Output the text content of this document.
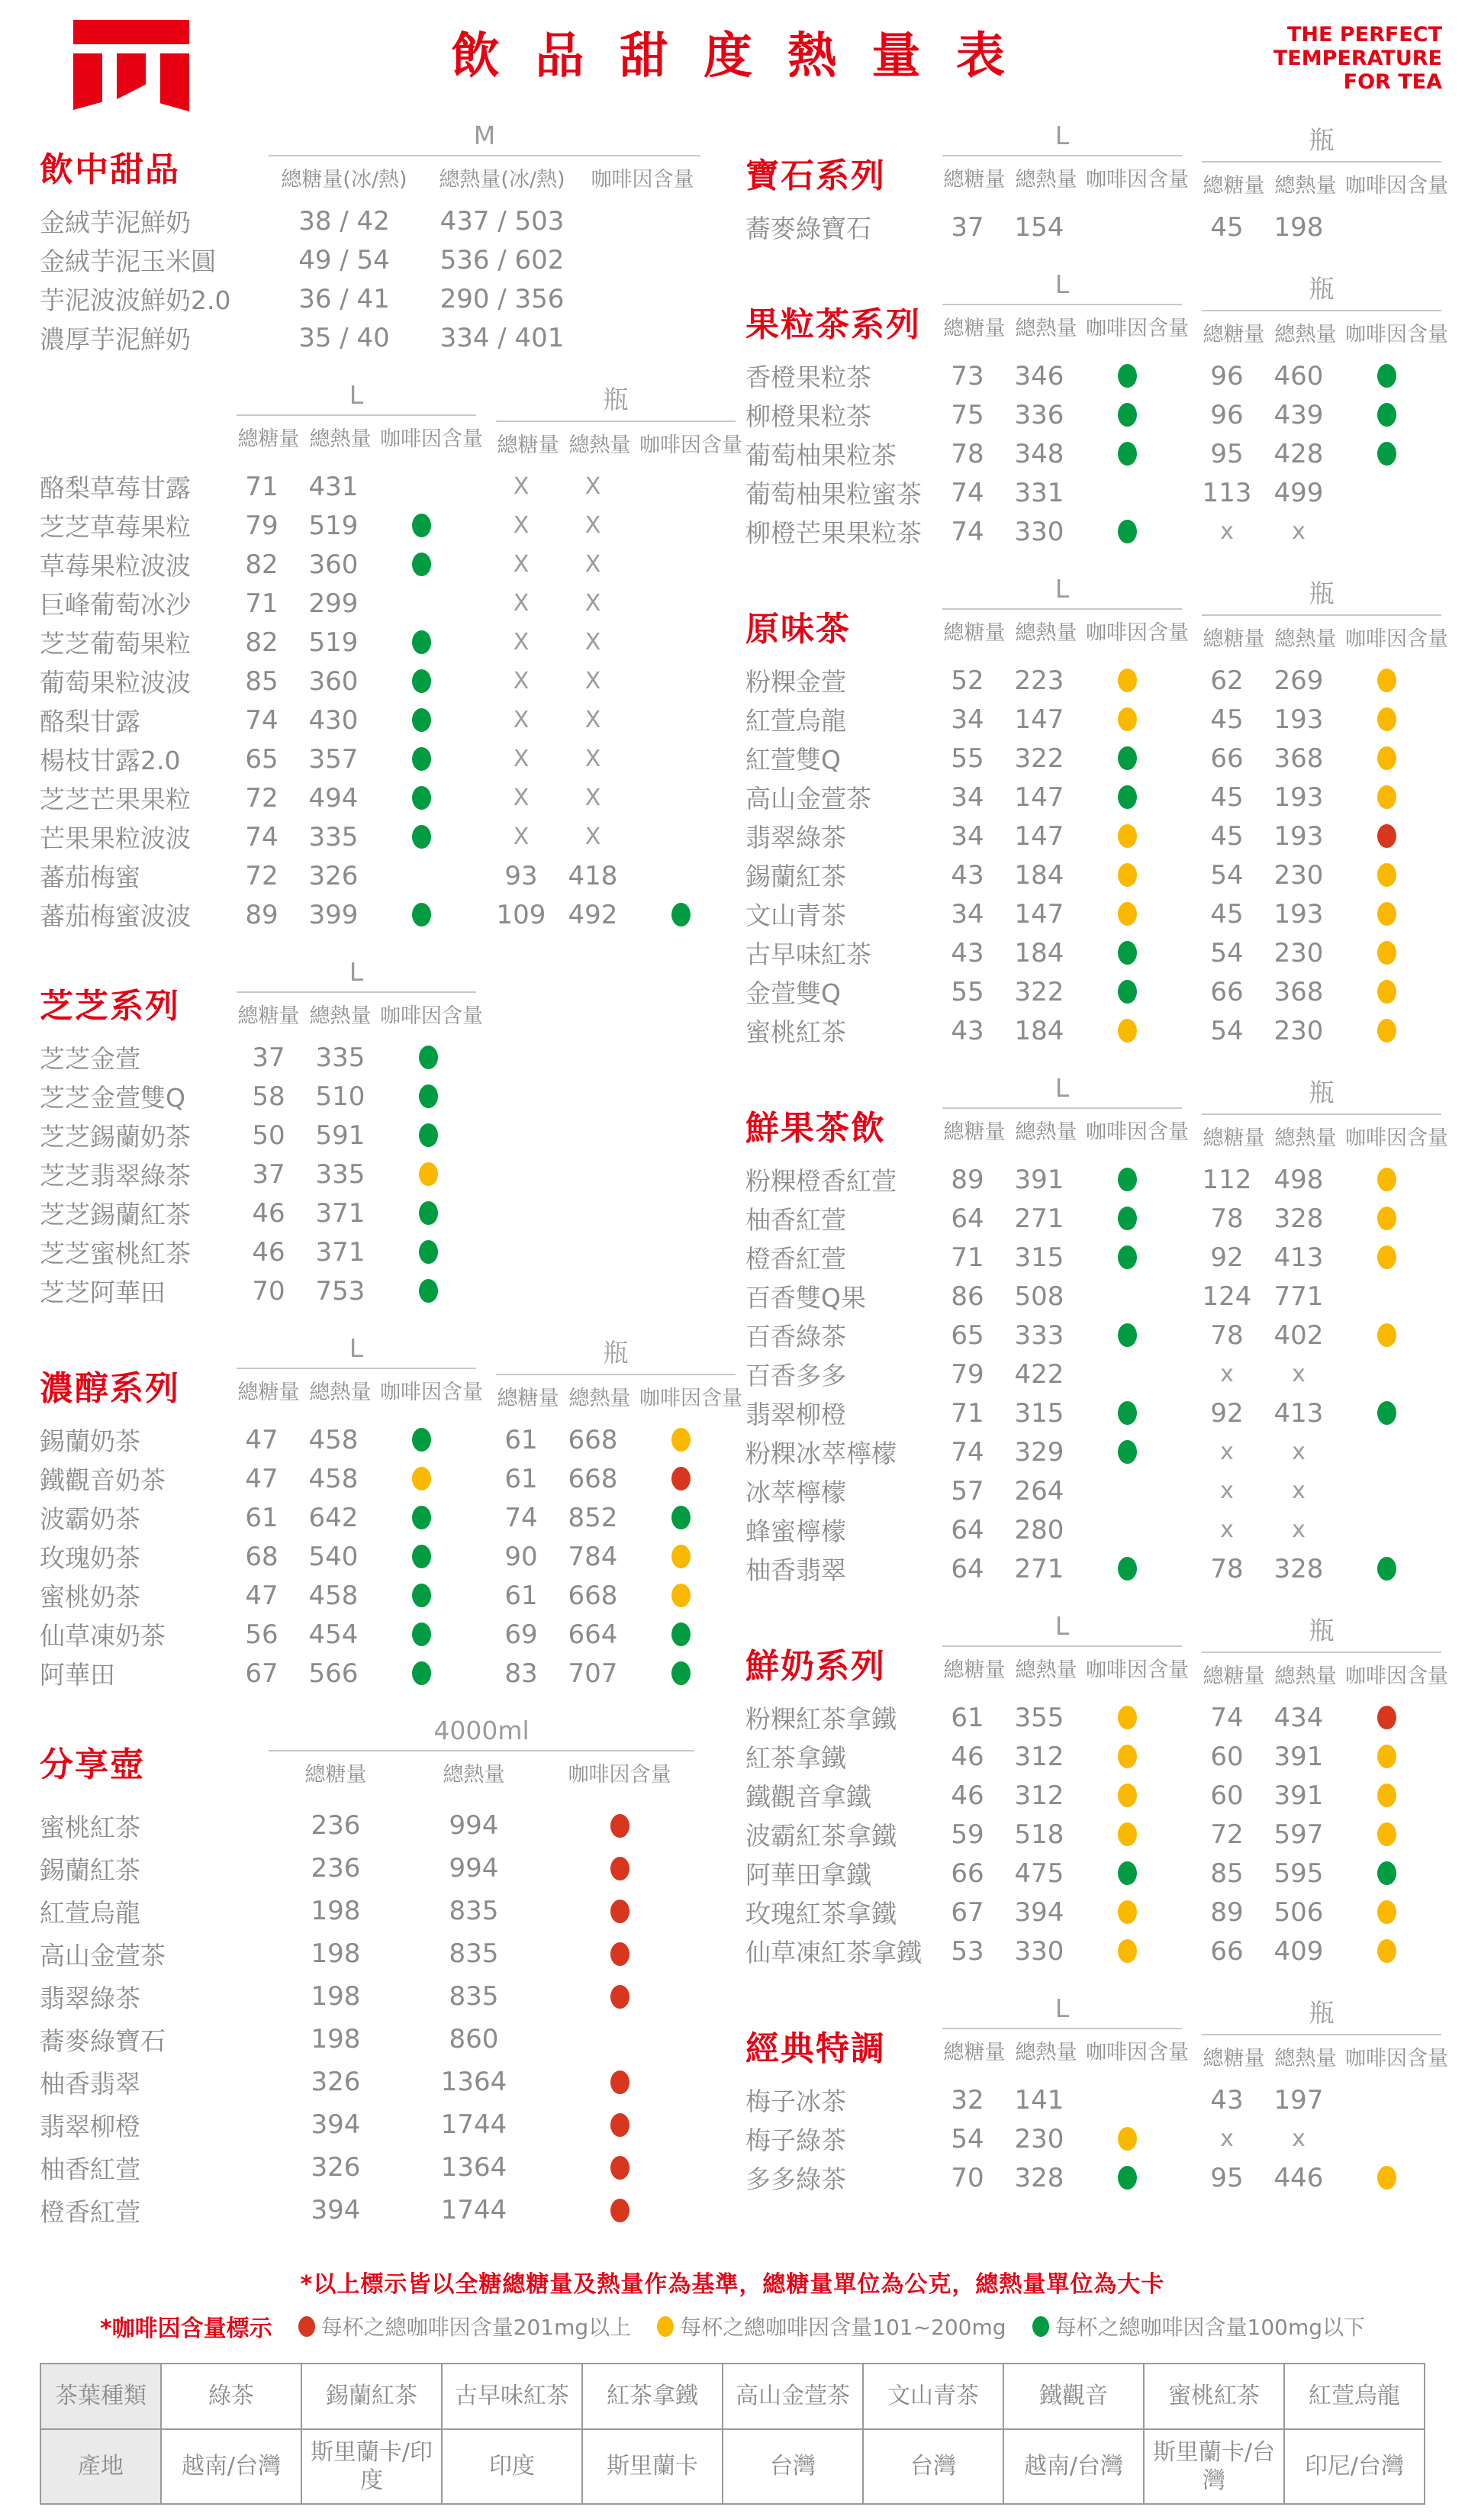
飲 品 甜 度 熱 量 表	THE PERFECT
TEMPERATURE
FOR TEA
飲中甜品
M
總糖量(冰/熱)	總熱量(冰/熱)	咖啡因含量
金絨芋泥鮮奶	38 / 42	437 / 503
金絨芋泥玉米圓	49 / 54	536 / 602
芋泥波波鮮奶2.0	36 / 41	290 / 356
濃厚芋泥鮮奶	35 / 40	334 / 401
L
總糖量 總熱量 咖啡因含量
瓶
總糖量 總熱量 咖啡因含量
酪梨草莓甘露	71	431	X	X
芝芝草莓果粒	79	519	X	X
草莓果粒波波	82	360	X	X
巨峰葡萄冰沙	71	299	X	X
芝芝葡萄果粒	82	519	X	X
葡萄果粒波波	85	360	X	X
酪梨甘露	74	430	X	X
楊枝甘露2.0	65	357	X	X
芝芝芒果果粒	72	494	X	X
芒果果粒波波	74	335	X	X
蕃茄梅蜜	72	326	93	418
蕃茄梅蜜波波	89	399	109 492
芝芝系列
L
總糖量 總熱量 咖啡因含量
芝芝金萱	37	335
芝芝金萱雙Q	58	510
芝芝錫蘭奶茶	50	591
芝芝翡翠綠茶	37	335
芝芝錫蘭紅茶	46	371
芝芝蜜桃紅茶	46	371
芝芝阿華田	70	753
濃醇系列
L
總糖量 總熱量 咖啡因含量
瓶
總糖量 總熱量 咖啡因含量
錫蘭奶茶	47	458	61	668
鐵觀音奶茶	47	458	61	668
波霸奶茶	61	642	74	852
玫瑰奶茶	68	540	90	784
蜜桃奶茶	47	458	61	668
仙草凍奶茶	56	454	69	664
阿華田	67	566	83	707
分享壺
4000ml
總糖量	總熱量	咖啡因含量
蜜桃紅茶	236	994
錫蘭紅茶	236	994
紅萱烏龍	198	835
高山金萱茶	198	835
翡翠綠茶	198	835
蕎麥綠寶石	198	860
柚香翡翠	326	1364
翡翠柳橙	394	1744
柚香紅萱	326	1364
橙香紅萱	394	1744
寶石系列
L
總糖量 總熱量 咖啡因含量
瓶
總糖量 總熱量 咖啡因含量
蕎麥綠寶石	37	154	45	198
果粒茶系列
L
總糖量 總熱量 咖啡因含量
瓶
總糖量 總熱量 咖啡因含量
香橙果粒茶	73	346	96	460
柳橙果粒茶	75	336	96	439
葡萄柚果粒茶	78	348	95	428
葡萄柚果粒蜜茶	74	331	113 499
柳橙芒果果粒茶	74	330	x	x
原味茶
L
總糖量 總熱量 咖啡因含量
瓶
總糖量 總熱量 咖啡因含量
粉粿金萱	52	223	62	269
紅萱烏龍	34	147	45	193
紅萱雙Q	55	322	66	368
高山金萱茶	34	147	45	193
翡翠綠茶	34	147	45	193
錫蘭紅茶	43	184	54	230
文山青茶	34	147	45	193
古早味紅茶	43	184	54	230
金萱雙Q	55	322	66	368
蜜桃紅茶	43	184	54	230
鮮果茶飲
L
總糖量 總熱量 咖啡因含量
瓶
總糖量 總熱量 咖啡因含量
粉粿橙香紅萱	89	391	112 498
柚香紅萱	64	271	78	328
橙香紅萱	71	315	92	413
百香雙Q果	86	508	124 771
百香綠茶	65	333	78	402
百香多多	79	422	x	x
翡翠柳橙	71	315	92	413
粉粿冰萃檸檬	74	329	x	x
冰萃檸檬	57	264	x	x
蜂蜜檸檬	64	280	x	x
柚香翡翠	64	271	78	328
鮮奶系列
L
總糖量 總熱量 咖啡因含量
瓶
總糖量 總熱量 咖啡因含量
粉粿紅茶拿鐵	61	355	74	434
紅茶拿鐵	46	312	60	391
鐵觀音拿鐵	46	312	60	391
波霸紅茶拿鐵	59	518	72	597
阿華田拿鐵	66	475	85	595
玫瑰紅茶拿鐵	67	394	89	506
仙草凍紅茶拿鐵	53	330	66	409
經典特調
L
總糖量 總熱量 咖啡因含量
瓶
總糖量 總熱量 咖啡因含量
梅子冰茶	32	141	43	197
梅子綠茶	54	230	x	x
多多綠茶	70	328	95	446
*以上標示皆以全糖總糖量及熱量作為基準，總糖量單位為公克，總熱量單位為大卡
*咖啡因含量標示 每杯之總咖啡因含量201mg以上 每杯之總咖啡因含量101~200mg 每杯之總咖啡因含量100mg以下
茶葉種類	綠茶	錫蘭紅茶	古早味紅茶	紅茶拿鐵	高山金萱茶	文山青茶	鐵觀音	蜜桃紅茶	紅萱烏龍
產地	越南/台灣	斯里蘭卡/印度	印度	斯里蘭卡	台灣	台灣	越南/台灣	斯里蘭卡/台灣	印尼/台灣
